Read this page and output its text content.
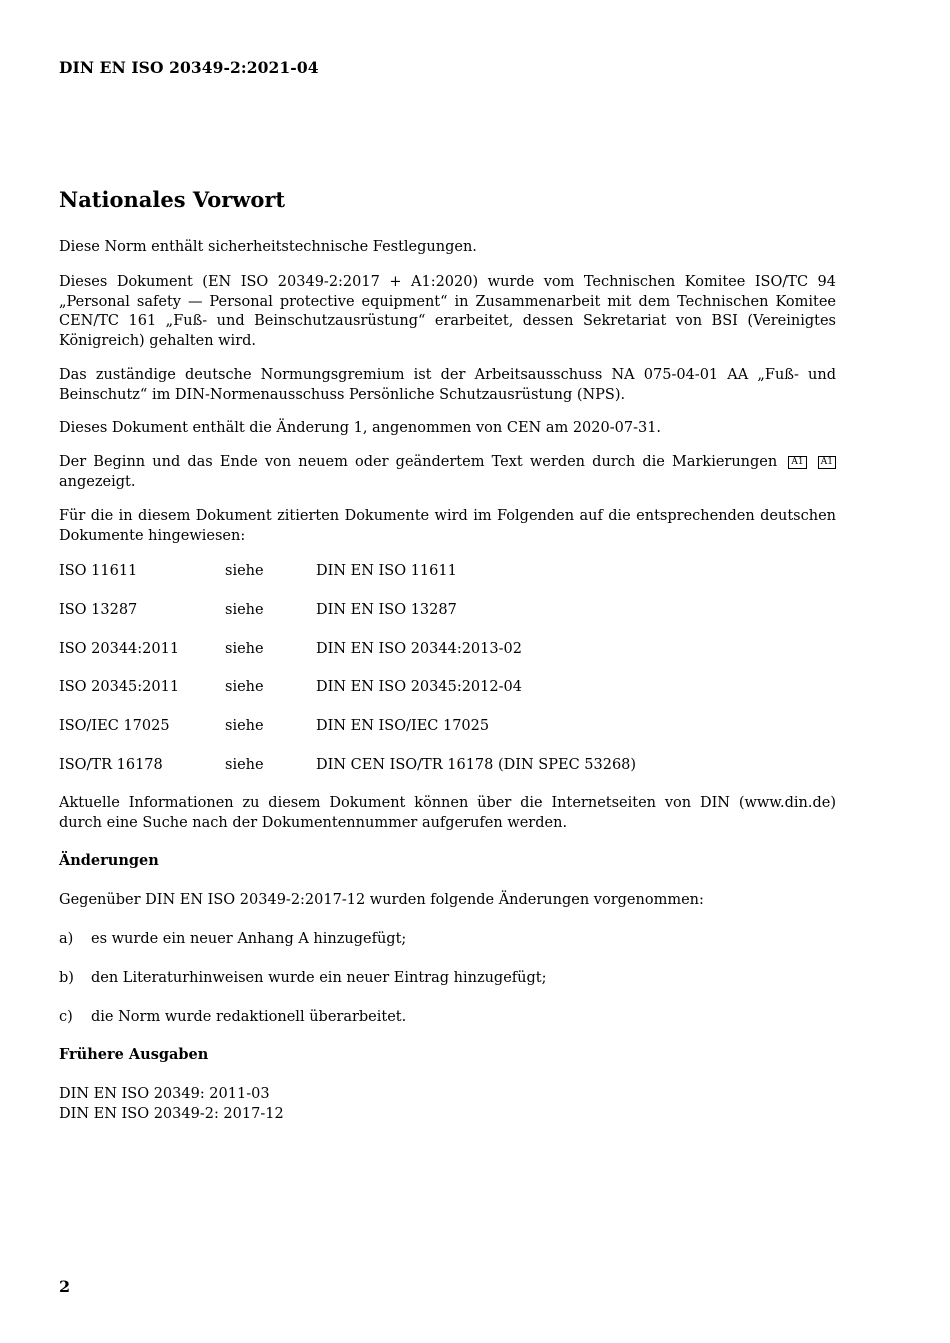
DIN EN ISO 20349-2:2021-04
Nationales Vorwort
Diese Norm enthält sicherheitstechnische Festlegungen.
Dieses Dokument (EN ISO 20349-2:2017 + A1:2020) wurde vom Technischen Komitee ISO/TC 94 „Personal safety — Personal protective equipment“ in Zusammenarbeit mit dem Technischen Komitee CEN/TC 161 „Fuß- und Beinschutzausrüstung“ erarbeitet, dessen Sekretariat von BSI (Vereinigtes Königreich) gehalten wird.
Das zuständige deutsche Normungsgremium ist der Arbeitsausschuss NA 075-04-01 AA „Fuß- und Beinschutz“ im DIN-Normenausschuss Persönliche Schutzausrüstung (NPS).
Dieses Dokument enthält die Änderung 1, angenommen von CEN am 2020-07-31.
Der Beginn und das Ende von neuem oder geändertem Text werden durch die Markierungen A1 A1
angezeigt.
Für die in diesem Dokument zitierten Dokumente wird im Folgenden auf die entsprechenden deutschen Dokumente hingewiesen:
ISO 11611	siehe	DIN EN ISO 11611
ISO 13287	siehe	DIN EN ISO 13287
ISO 20344:2011	siehe	DIN EN ISO 20344:2013-02
ISO 20345:2011	siehe	DIN EN ISO 20345:2012-04
ISO/IEC 17025	siehe	DIN EN ISO/IEC 17025
ISO/TR 16178	siehe	DIN CEN ISO/TR 16178 (DIN SPEC 53268)
Aktuelle Informationen zu diesem Dokument können über die Internetseiten von DIN (www.din.de) durch eine Suche nach der Dokumentennummer aufgerufen werden.
Änderungen
Gegenüber DIN EN ISO 20349-2:2017-12 wurden folgende Änderungen vorgenommen:
a) es wurde ein neuer Anhang A hinzugefügt;
b) den Literaturhinweisen wurde ein neuer Eintrag hinzugefügt;
c) die Norm wurde redaktionell überarbeitet.
Frühere Ausgaben
DIN EN ISO 20349: 2011-03
DIN EN ISO 20349-2: 2017-12
2
